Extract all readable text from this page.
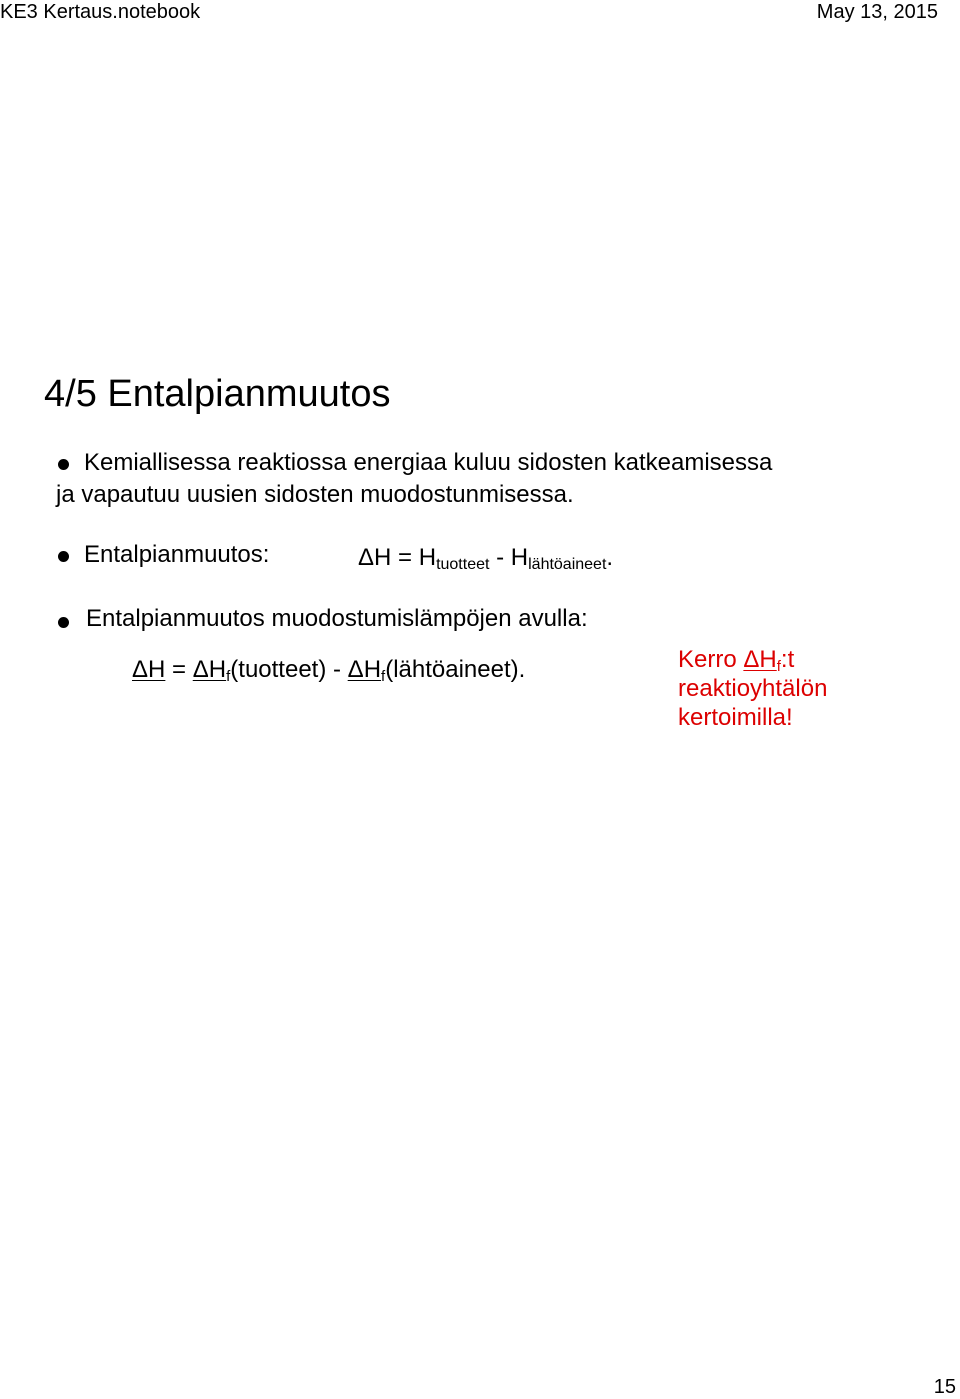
KE3 Kertaus.notebook	May 13, 2015
4/5 Entalpianmuutos
Kemiallisessa reaktiossa energiaa kuluu sidosten katkeamisessa
ja vapautuu uusien sidosten muodostunmisessa.
Entalpianmuutos:	$\Delta H = H_{tuotteet} - H_{lähtöaineet}$.
Entalpianmuutos muodostumislämpöjen avulla:
$\Delta H = \Delta H_f(tuotteet)$ - $\Delta H_f(lähtöaineet)$.	Kerro $\Delta H_f:t$
reaktioyhtälön
kertoimilla!
15
